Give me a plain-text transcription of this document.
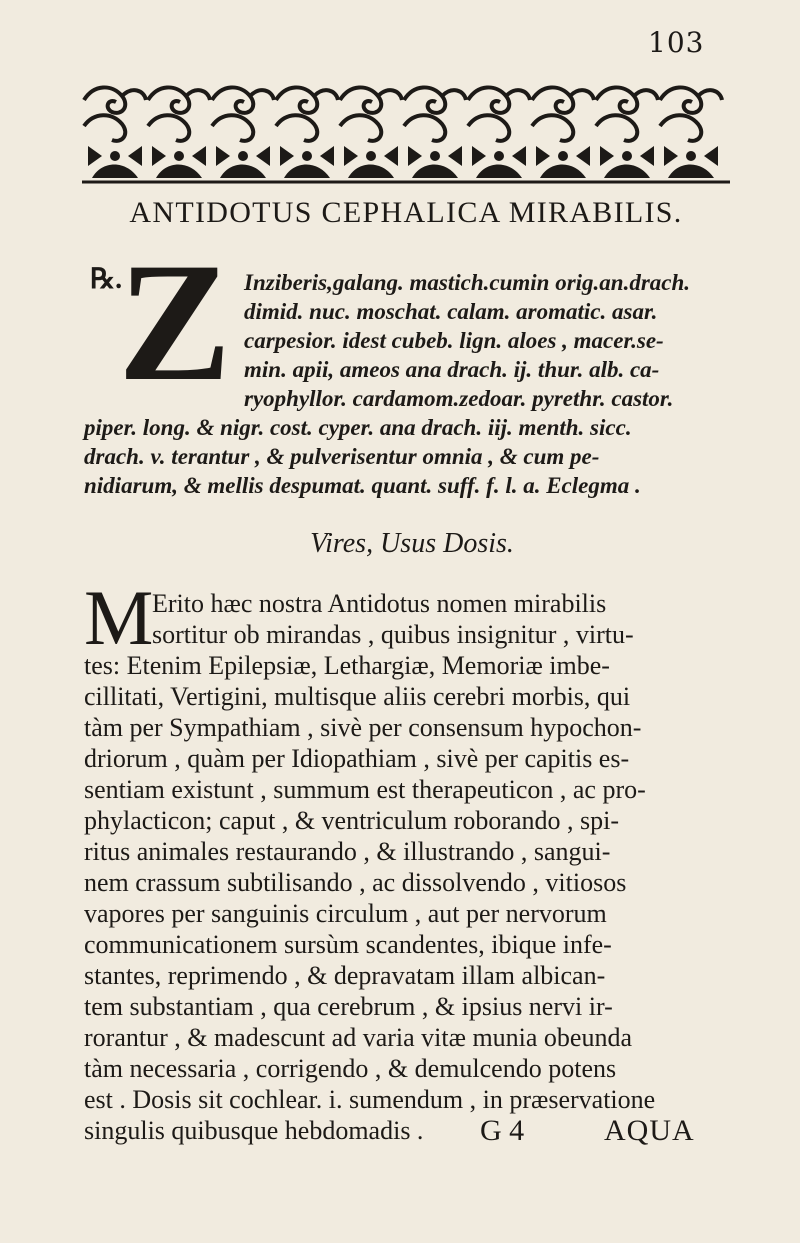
103
ANTIDOTUS CEPHALICA MIRABILIS.
℞.
Z Inziberis,galang. mastich.cumin orig.an.drach.
dimid. nuc. moschat. calam. aromatic. asar.
carpesior. idest cubeb. lign. aloes , macer.se-
min. apii, ameos ana drach. ij. thur. alb. ca-
ryophyllor. cardamom.zedoar. pyrethr. castor.
piper. long. & nigr. cost. cyper. ana drach. iij. menth. sicc.
drach. v. terantur , & pulverisentur omnia , & cum pe-
nidiarum, & mellis despumat. quant. suff. f. l. a. Eclegma .
Vires, Usus Dosis.
M
Erito hæc nostra Antidotus nomen mirabilis
sortitur ob mirandas , quibus insignitur , virtu-
tes: Etenim Epilepsiæ, Lethargiæ, Memoriæ imbe-
cillitati, Vertigini, multisque aliis cerebri morbis, qui
tàm per Sympathiam , sivè per consensum hypochon-
driorum , quàm per Idiopathiam , sivè per capitis es-
sentiam existunt , summum est therapeuticon , ac pro-
phylacticon; caput , & ventriculum roborando , spi-
ritus animales restaurando , & illustrando , sangui-
nem crassum subtilisando , ac dissolvendo , vitiosos
vapores per sanguinis circulum , aut per nervorum
communicationem sursùm scandentes, ibique infe-
stantes, reprimendo , & depravatam illam albican-
tem substantiam , qua cerebrum , & ipsius nervi ir-
rorantur , & madescunt ad varia vitæ munia obeunda
tàm necessaria , corrigendo , & demulcendo potens
est . Dosis sit cochlear. i. sumendum , in præservatione
singulis quibusque hebdomadis . G 4	AQUA
